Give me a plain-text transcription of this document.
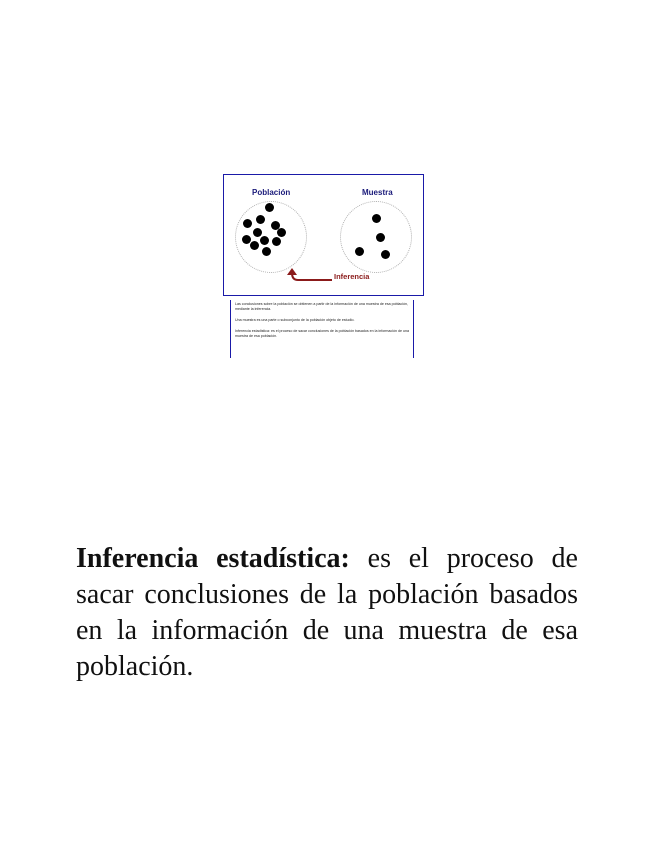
Población	Muestra
Inferencia

Las conclusiones sobre la población se obtienen a partir de la información de una muestra de esa población, mediante la inferencia.

Una muestra es una parte o subconjunto de la población objeto de estudio.

Inferencia estadística: es el proceso de sacar conclusiones de la población basados en la información de una muestra de esa población.

Inferencia estadística: es el proceso de sacar conclusiones de la población basados en la información de una muestra de esa población.
